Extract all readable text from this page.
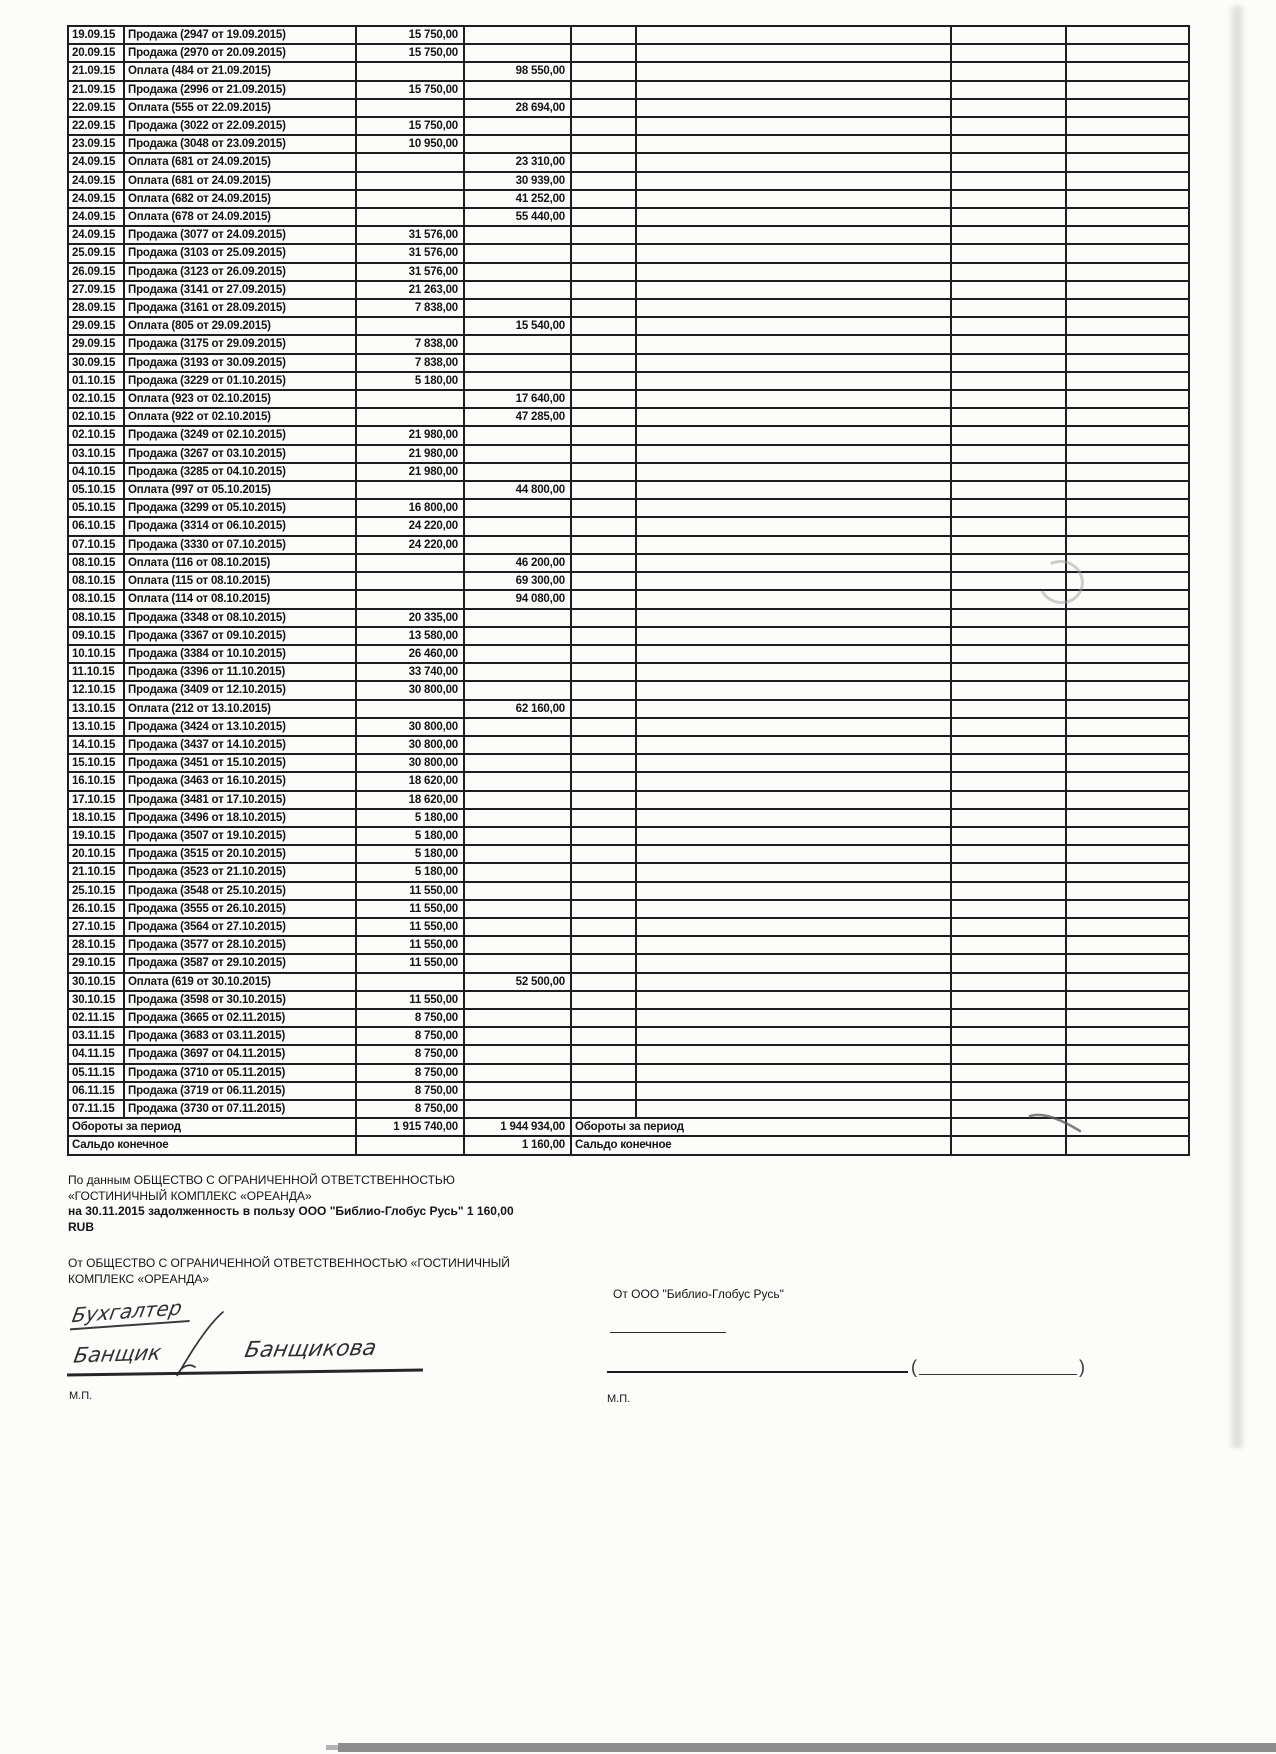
19.09.15	Продажа (2947 от 19.09.2015)	15 750,00					
20.09.15	Продажа (2970 от 20.09.2015)	15 750,00					
21.09.15	Оплата (484 от 21.09.2015)		98 550,00				
21.09.15	Продажа (2996 от 21.09.2015)	15 750,00					
22.09.15	Оплата (555 от 22.09.2015)		28 694,00				
22.09.15	Продажа (3022 от 22.09.2015)	15 750,00					
23.09.15	Продажа (3048 от 23.09.2015)	10 950,00					
24.09.15	Оплата (681 от 24.09.2015)		23 310,00				
24.09.15	Оплата (681 от 24.09.2015)		30 939,00				
24.09.15	Оплата (682 от 24.09.2015)		41 252,00				
24.09.15	Оплата (678 от 24.09.2015)		55 440,00				
24.09.15	Продажа (3077 от 24.09.2015)	31 576,00					
25.09.15	Продажа (3103 от 25.09.2015)	31 576,00					
26.09.15	Продажа (3123 от 26.09.2015)	31 576,00					
27.09.15	Продажа (3141 от 27.09.2015)	21 263,00					
28.09.15	Продажа (3161 от 28.09.2015)	7 838,00					
29.09.15	Оплата (805 от 29.09.2015)		15 540,00				
29.09.15	Продажа (3175 от 29.09.2015)	7 838,00					
30.09.15	Продажа (3193 от 30.09.2015)	7 838,00					
01.10.15	Продажа (3229 от 01.10.2015)	5 180,00					
02.10.15	Оплата (923 от 02.10.2015)		17 640,00				
02.10.15	Оплата (922 от 02.10.2015)		47 285,00				
02.10.15	Продажа (3249 от 02.10.2015)	21 980,00					
03.10.15	Продажа (3267 от 03.10.2015)	21 980,00					
04.10.15	Продажа (3285 от 04.10.2015)	21 980,00					
05.10.15	Оплата (997 от 05.10.2015)		44 800,00				
05.10.15	Продажа (3299 от 05.10.2015)	16 800,00					
06.10.15	Продажа (3314 от 06.10.2015)	24 220,00					
07.10.15	Продажа (3330 от 07.10.2015)	24 220,00					
08.10.15	Оплата (116 от 08.10.2015)		46 200,00				
08.10.15	Оплата (115 от 08.10.2015)		69 300,00				
08.10.15	Оплата (114 от 08.10.2015)		94 080,00				
08.10.15	Продажа (3348 от 08.10.2015)	20 335,00					
09.10.15	Продажа (3367 от 09.10.2015)	13 580,00					
10.10.15	Продажа (3384 от 10.10.2015)	26 460,00					
11.10.15	Продажа (3396 от 11.10.2015)	33 740,00					
12.10.15	Продажа (3409 от 12.10.2015)	30 800,00					
13.10.15	Оплата (212 от 13.10.2015)		62 160,00				
13.10.15	Продажа (3424 от 13.10.2015)	30 800,00					
14.10.15	Продажа (3437 от 14.10.2015)	30 800,00					
15.10.15	Продажа (3451 от 15.10.2015)	30 800,00					
16.10.15	Продажа (3463 от 16.10.2015)	18 620,00					
17.10.15	Продажа (3481 от 17.10.2015)	18 620,00					
18.10.15	Продажа (3496 от 18.10.2015)	5 180,00					
19.10.15	Продажа (3507 от 19.10.2015)	5 180,00					
20.10.15	Продажа (3515 от 20.10.2015)	5 180,00					
21.10.15	Продажа (3523 от 21.10.2015)	5 180,00					
25.10.15	Продажа (3548 от 25.10.2015)	11 550,00					
26.10.15	Продажа (3555 от 26.10.2015)	11 550,00					
27.10.15	Продажа (3564 от 27.10.2015)	11 550,00					
28.10.15	Продажа (3577 от 28.10.2015)	11 550,00					
29.10.15	Продажа (3587 от 29.10.2015)	11 550,00					
30.10.15	Оплата (619 от 30.10.2015)		52 500,00				
30.10.15	Продажа (3598 от 30.10.2015)	11 550,00					
02.11.15	Продажа (3665 от 02.11.2015)	8 750,00					
03.11.15	Продажа (3683 от 03.11.2015)	8 750,00					
04.11.15	Продажа (3697 от 04.11.2015)	8 750,00					
05.11.15	Продажа (3710 от 05.11.2015)	8 750,00					
06.11.15	Продажа (3719 от 06.11.2015)	8 750,00					
07.11.15	Продажа (3730 от 07.11.2015)	8 750,00					
Обороты за период		1 915 740,00	1 944 934,00	Обороты за период			
Сальдо конечное			1 160,00	Сальдо конечное			
По данным ОБЩЕСТВО С ОГРАНИЧЕННОЙ ОТВЕТСТВЕННОСТЬЮ
«ГОСТИНИЧНЫЙ КОМПЛЕКС «ОРЕАНДА»
на 30.11.2015 задолженность в пользу ООО "Библио-Глобус Русь" 1 160,00
RUB
От ОБЩЕСТВО С ОГРАНИЧЕННОЙ ОТВЕТСТВЕННОСТЬЮ «ГОСТИНИЧНЫЙ
КОМПЛЕКС «ОРЕАНДА»
От ООО "Библио-Глобус Русь"
Бухгалтер
Банщик	Банщикова
М.П.
(	)
М.П.
